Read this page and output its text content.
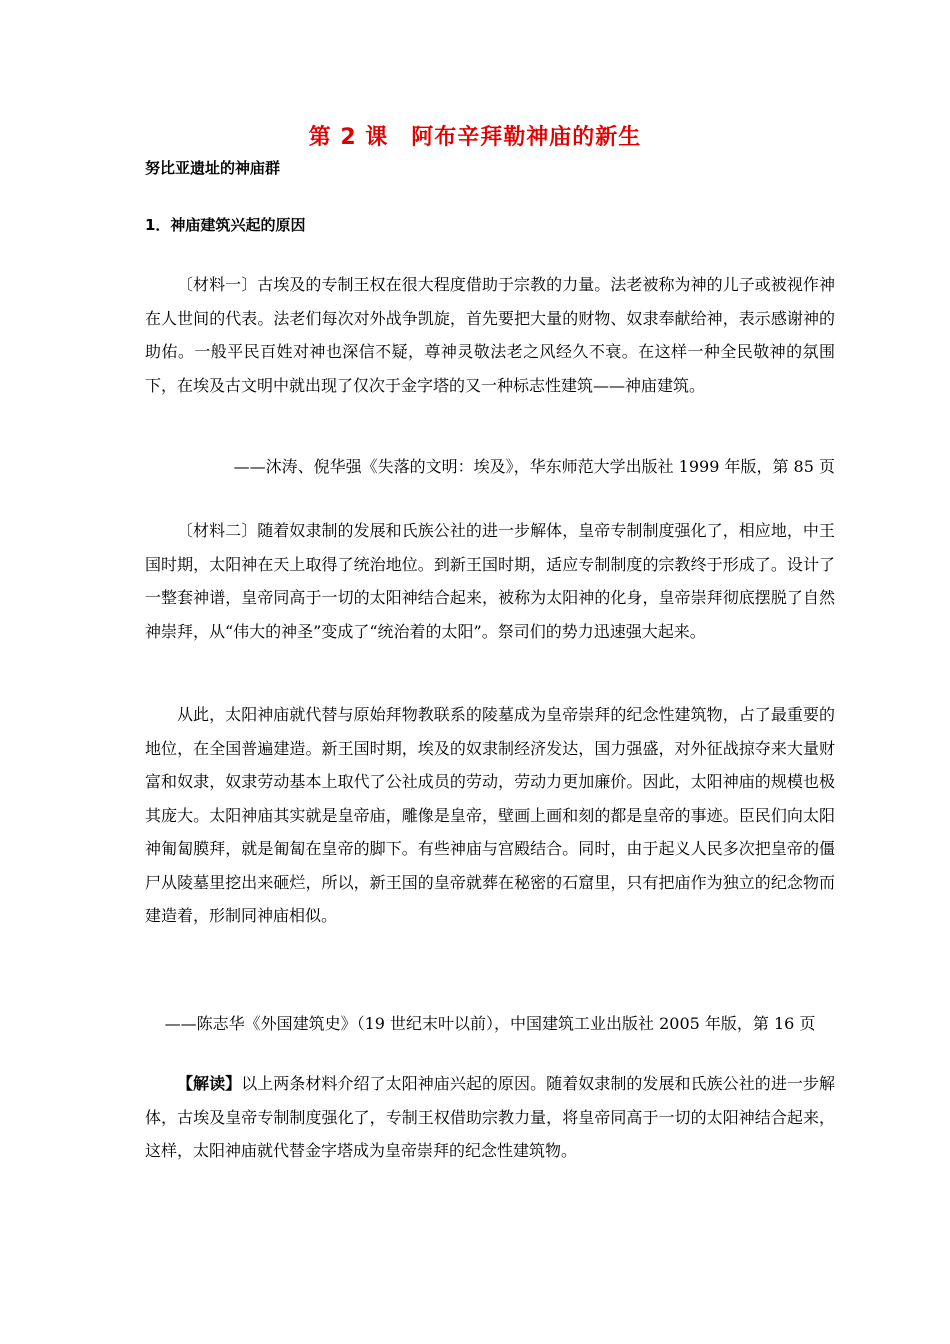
第 2 课　阿布辛拜勒神庙的新生
努比亚遗址的神庙群
1．神庙建筑兴起的原因

〔材料一〕古埃及的专制王权在很大程度借助于宗教的力量。法老被称为神的儿子或被视作神在人世间的代表。法老们每次对外战争凯旋，首先要把大量的财物、奴隶奉献给神，表示感谢神的助佑。一般平民百姓对神也深信不疑，尊神灵敬法老之风经久不衰。在这样一种全民敬神的氛围下，在埃及古文明中就出现了仅次于金字塔的又一种标志性建筑——神庙建筑。

——沐涛、倪华强《失落的文明：埃及》，华东师范大学出版社 1999 年版，第 85 页

〔材料二〕随着奴隶制的发展和氏族公社的进一步解体，皇帝专制制度强化了，相应地，中王国时期，太阳神在天上取得了统治地位。到新王国时期，适应专制制度的宗教终于形成了。设计了一整套神谱，皇帝同高于一切的太阳神结合起来，被称为太阳神的化身，皇帝崇拜彻底摆脱了自然神崇拜，从“伟大的神圣”变成了“统治着的太阳”。祭司们的势力迅速强大起来。

从此，太阳神庙就代替与原始拜物教联系的陵墓成为皇帝崇拜的纪念性建筑物，占了最重要的地位，在全国普遍建造。新王国时期，埃及的奴隶制经济发达，国力强盛，对外征战掠夺来大量财富和奴隶，奴隶劳动基本上取代了公社成员的劳动，劳动力更加廉价。因此，太阳神庙的规模也极其庞大。太阳神庙其实就是皇帝庙，雕像是皇帝，壁画上画和刻的都是皇帝的事迹。臣民们向太阳神匍匐膜拜，就是匍匐在皇帝的脚下。有些神庙与宫殿结合。同时，由于起义人民多次把皇帝的僵尸从陵墓里挖出来砸烂，所以，新王国的皇帝就葬在秘密的石窟里，只有把庙作为独立的纪念物而建造着，形制同神庙相似。

——陈志华《外国建筑史》（19 世纪末叶以前），中国建筑工业出版社 2005 年版，第 16 页

【解读】以上两条材料介绍了太阳神庙兴起的原因。随着奴隶制的发展和氏族公社的进一步解体，古埃及皇帝专制制度强化了，专制王权借助宗教力量，将皇帝同高于一切的太阳神结合起来，这样，太阳神庙就代替金字塔成为皇帝崇拜的纪念性建筑物。
